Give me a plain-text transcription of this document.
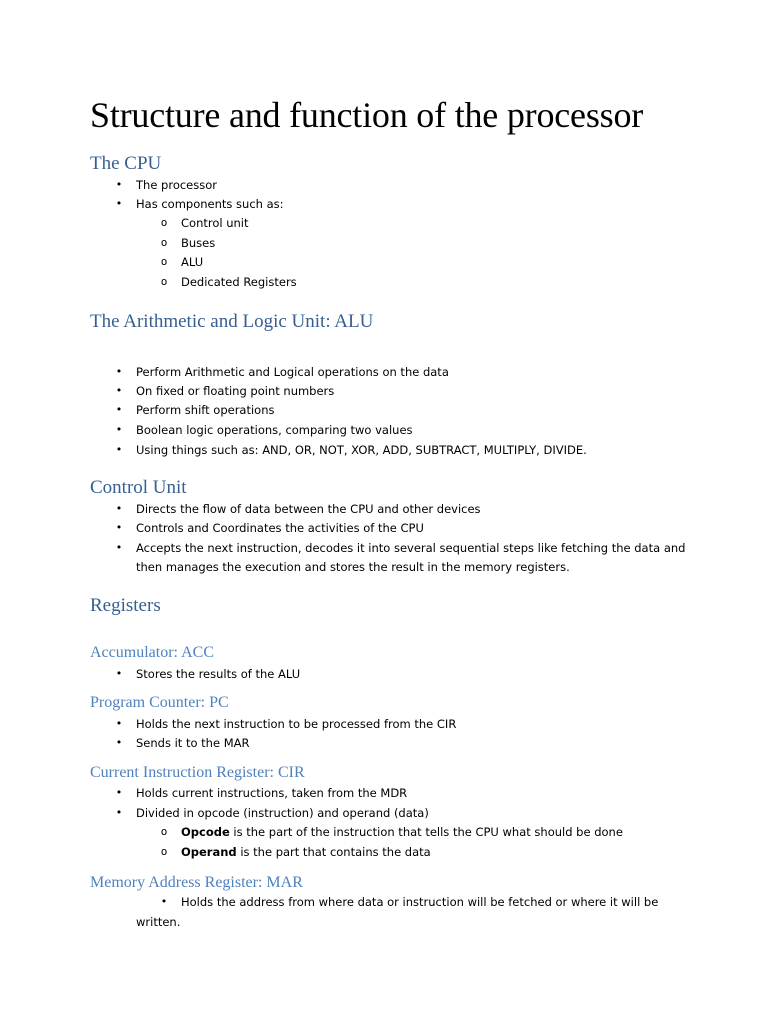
Structure and function of the processor
The CPU
• The processor
• Has components such as:
o Control unit
o Buses
o ALU
o Dedicated Registers
The Arithmetic and Logic Unit: ALU
• Perform Arithmetic and Logical operations on the data
• On fixed or floating point numbers
• Perform shift operations
• Boolean logic operations, comparing two values
• Using things such as: AND, OR, NOT, XOR, ADD, SUBTRACT, MULTIPLY, DIVIDE.
Control Unit
• Directs the flow of data between the CPU and other devices
• Controls and Coordinates the activities of the CPU
• Accepts the next instruction, decodes it into several sequential steps like fetching the data and
then manages the execution and stores the result in the memory registers.
Registers
Accumulator: ACC
• Stores the results of the ALU
Program Counter: PC
• Holds the next instruction to be processed from the CIR
• Sends it to the MAR
Current Instruction Register: CIR
• Holds current instructions, taken from the MDR
• Divided in opcode (instruction) and operand (data)
o Opcode is the part of the instruction that tells the CPU what should be done
o Operand is the part that contains the data
Memory Address Register: MAR
• Holds the address from where data or instruction will be fetched or where it will be
written.
